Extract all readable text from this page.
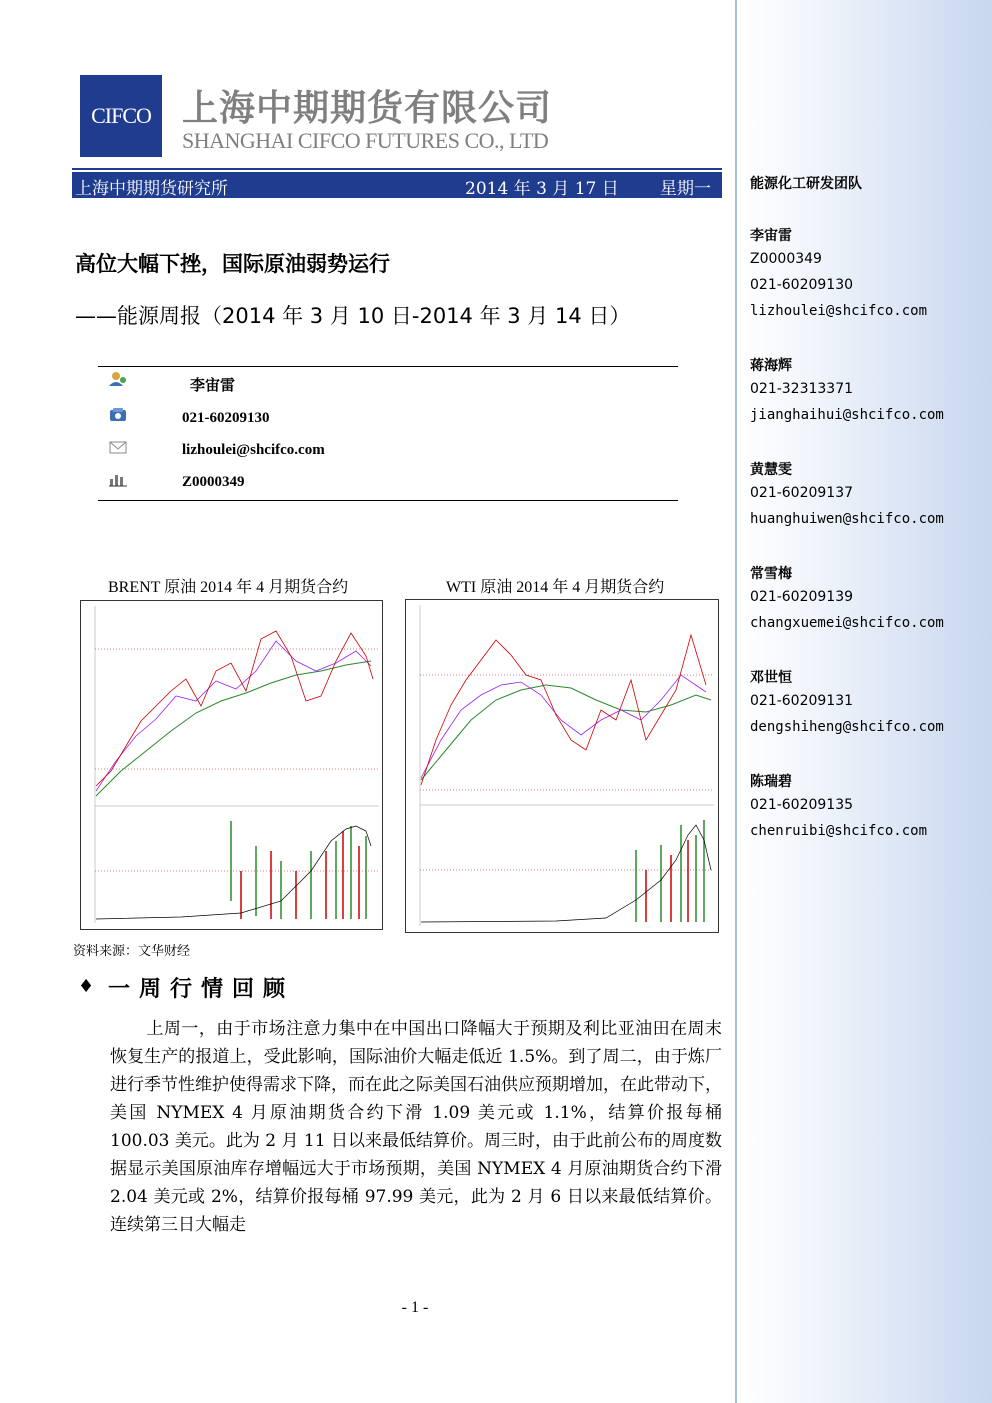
CIFCO 上海中期期货有限公司
SHANGHAI CIFCO FUTURES CO., LTD
上海中期期货研究所	2014 年 3 月 17 日 星期一
高位大幅下挫，国际原油弱势运行
——能源周报（2014 年 3 月 10 日-2014 年 3 月 14 日）
李宙雷
021-60209130
lizhoulei@shcifco.com
Z0000349
BRENT 原油 2014 年 4 月期货合约	WTI 原油 2014 年 4 月期货合约
资料来源：文华财经
♦ 一周行情回顾
上周一，由于市场注意力集中在中国出口降幅大于预期及利比亚油田在周末恢复生产的报道上，受此影响，国际油价大幅走低近 1.5%。到了周二，由于炼厂进行季节性维护使得需求下降，而在此之际美国石油供应预期增加，在此带动下，美国 NYMEX 4 月原油期货合约下滑 1.09 美元或 1.1%，结算价报每桶 100.03 美元。此为 2 月 11 日以来最低结算价。周三时，由于此前公布的周度数据显示美国原油库存增幅远大于市场预期，美国 NYMEX 4 月原油期货合约下滑 2.04 美元或 2%，结算价报每桶 97.99 美元，此为 2 月 6 日以来最低结算价。连续第三日大幅走
- 1 -
能源化工研发团队
李宙雷
Z0000349
021-60209130
lizhoulei@shcifco.com
蒋海辉
021-32313371
jianghaihui@shcifco.com
黄慧雯
021-60209137
huanghuiwen@shcifco.com
常雪梅
021-60209139
changxuemei@shcifco.com
邓世恒
021-60209131
dengshiheng@shcifco.com
陈瑞碧
021-60209135
chenruibi@shcifco.com
